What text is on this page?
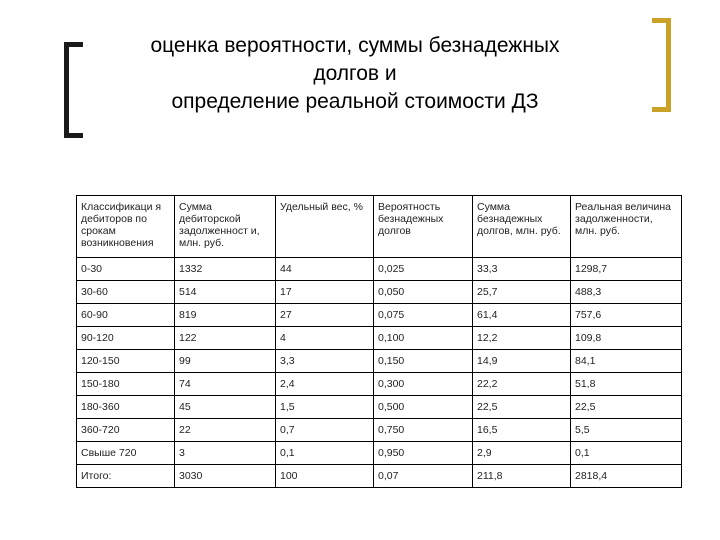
оценка вероятности, суммы безнадежных
долгов и
определение реальной стоимости ДЗ
Классификаци я дебиторов по срокам возникновения	Сумма дебиторской задолженност и, млн. руб.	Удельный вес, %	Вероятность безнадежных долгов	Сумма безнадежных долгов, млн. руб.	Реальная величина задолженности, млн. руб.
0-30	1332	44	0,025	33,3	1298,7
30-60	514	17	0,050	25,7	488,3
60-90	819	27	0,075	61,4	757,6
90-120	122	4	0,100	12,2	109,8
120-150	99	3,3	0,150	14,9	84,1
150-180	74	2,4	0,300	22,2	51,8
180-360	45	1,5	0,500	22,5	22,5
360-720	22	0,7	0,750	16,5	5,5
Свыше 720	3	0,1	0,950	2,9	0,1
Итого:	3030	100	0,07	211,8	2818,4
